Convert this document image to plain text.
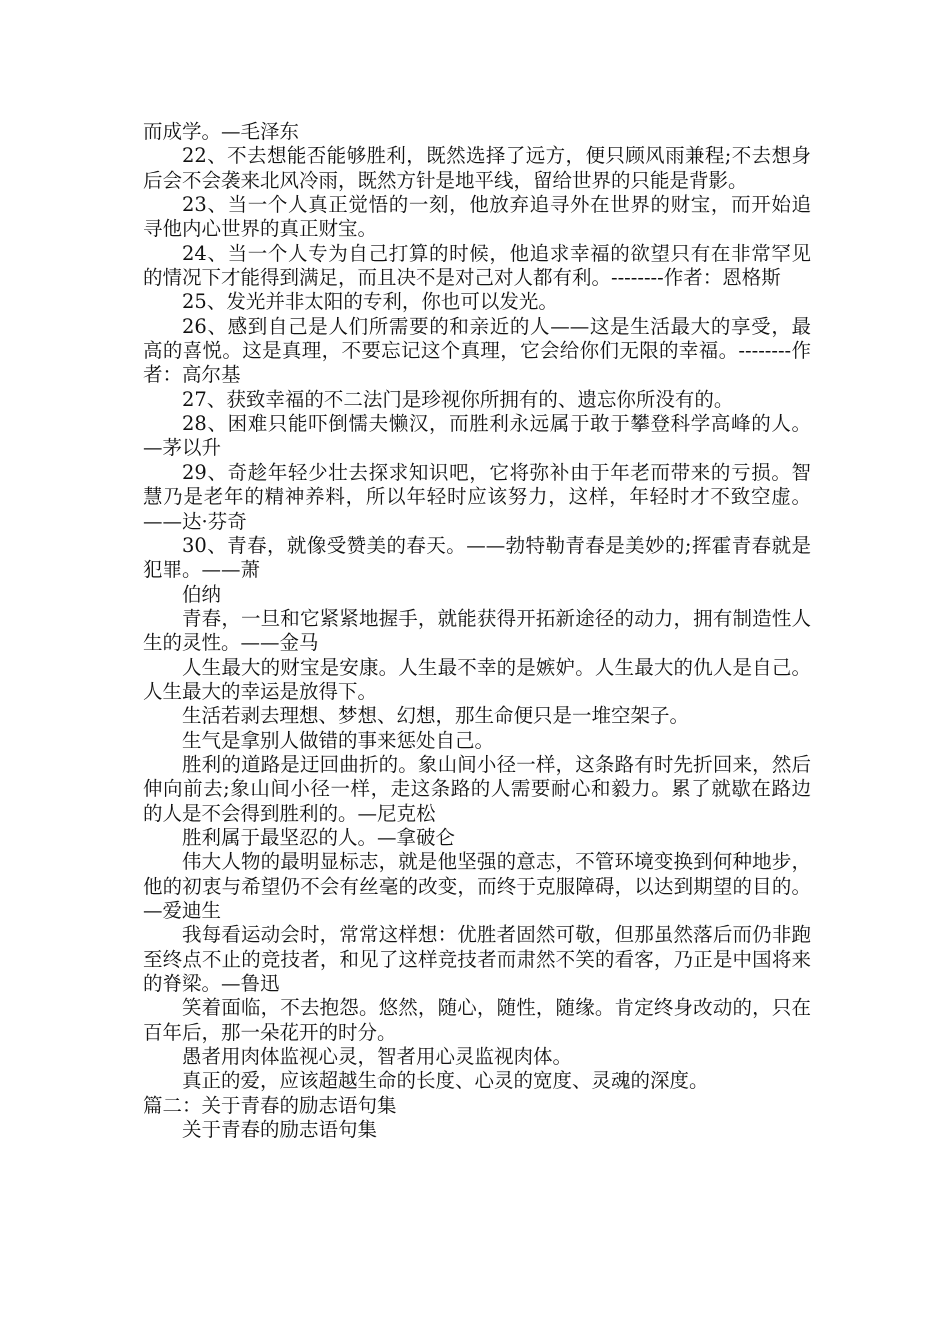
而成学。—毛泽东

22、不去想能否能够胜利，既然选择了远方，便只顾风雨兼程;不去想身后会不会袭来北风冷雨，既然方针是地平线，留给世界的只能是背影。

23、当一个人真正觉悟的一刻，他放弃追寻外在世界的财宝，而开始追寻他内心世界的真正财宝。

24、当一个人专为自己打算的时候，他追求幸福的欲望只有在非常罕见的情况下才能得到满足，而且决不是对己对人都有利。--------作者：恩格斯

25、发光并非太阳的专利，你也可以发光。

26、感到自己是人们所需要的和亲近的人——这是生活最大的享受，最高的喜悦。这是真理，不要忘记这个真理，它会给你们无限的幸福。--------作者：高尔基

27、获致幸福的不二法门是珍视你所拥有的、遗忘你所没有的。

28、困难只能吓倒懦夫懒汉，而胜利永远属于敢于攀登科学高峰的人。—茅以升

29、奇趁年轻少壮去探求知识吧，它将弥补由于年老而带来的亏损。智慧乃是老年的精神养料，所以年轻时应该努力，这样，年轻时才不致空虚。——达·芬奇

30、青春，就像受赞美的春天。——勃特勒青春是美妙的;挥霍青春就是犯罪。——萧

伯纳

青春，一旦和它紧紧地握手，就能获得开拓新途径的动力，拥有制造性人生的灵性。——金马

人生最大的财宝是安康。人生最不幸的是嫉妒。人生最大的仇人是自己。人生最大的幸运是放得下。

生活若剥去理想、梦想、幻想，那生命便只是一堆空架子。

生气是拿别人做错的事来惩处自己。

胜利的道路是迂回曲折的。象山间小径一样，这条路有时先折回来，然后伸向前去;象山间小径一样，走这条路的人需要耐心和毅力。累了就歇在路边的人是不会得到胜利的。—尼克松

胜利属于最坚忍的人。—拿破仑

伟大人物的最明显标志，就是他坚强的意志，不管环境变换到何种地步，他的初衷与希望仍不会有丝毫的改变，而终于克服障碍，以达到期望的目的。—爱迪生

我每看运动会时，常常这样想：优胜者固然可敬，但那虽然落后而仍非跑至终点不止的竞技者，和见了这样竞技者而肃然不笑的看客，乃正是中国将来的脊梁。—鲁迅

笑着面临，不去抱怨。悠然，随心，随性，随缘。肯定终身改动的，只在百年后，那一朵花开的时分。

愚者用肉体监视心灵，智者用心灵监视肉体。

真正的爱，应该超越生命的长度、心灵的宽度、灵魂的深度。

篇二：关于青春的励志语句集

关于青春的励志语句集
